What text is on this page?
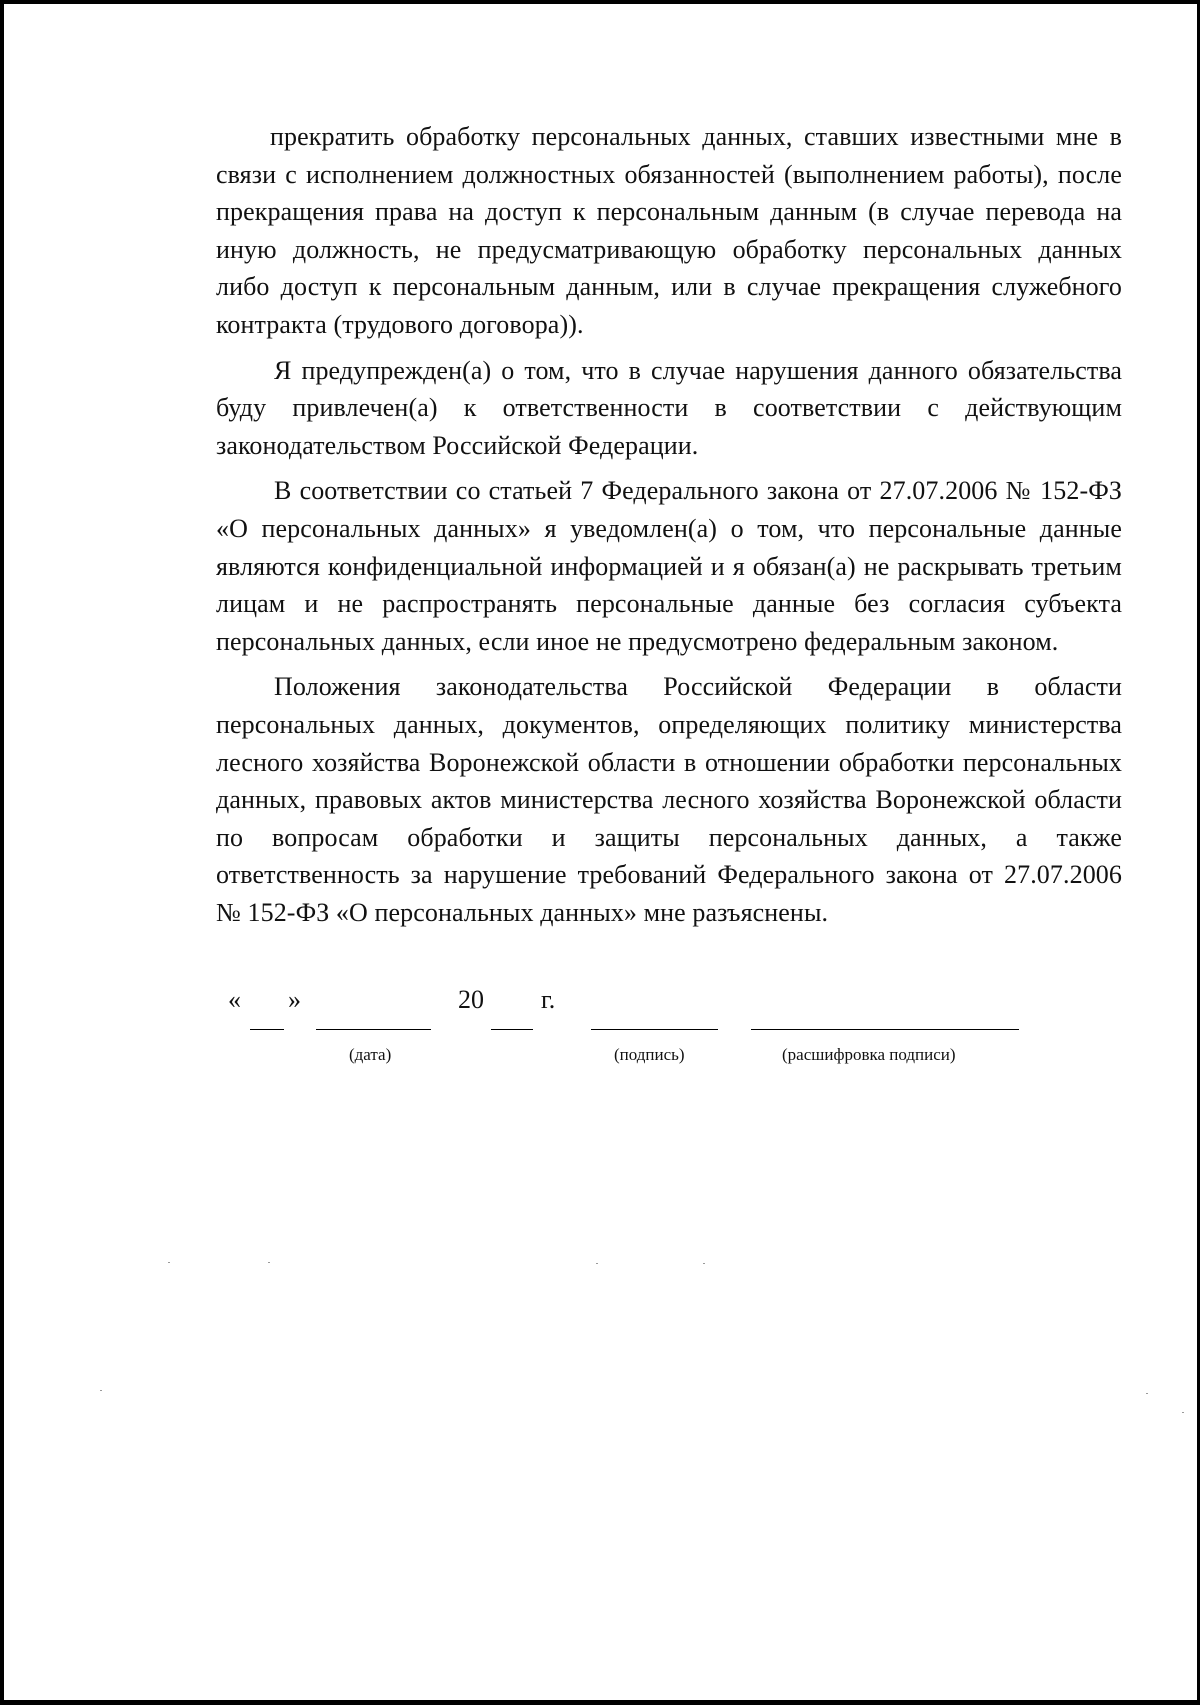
прекратить обработку персональных данных, ставших известными мне в связи с исполнением должностных обязанностей (выполнением работы), после прекращения права на доступ к персональным данным (в случае перевода на иную должность, не предусматривающую обработку персональных данных либо доступ к персональным данным, или в случае прекращения служебного контракта (трудового договора)).

Я предупрежден(а) о том, что в случае нарушения данного обязательства буду привлечен(а) к ответственности в соответствии с действующим законодательством Российской Федерации.

В соответствии со статьей 7 Федерального закона от 27.07.2006 № 152-ФЗ «О персональных данных» я уведомлен(а) о том, что персональные данные являются конфиденциальной информацией и я обязан(а) не раскрывать третьим лицам и не распространять персональные данные без согласия субъекта персональных данных, если иное не предусмотрено федеральным законом.

Положения законодательства Российской Федерации в области персональных данных, документов, определяющих политику министерства лесного хозяйства Воронежской области в отношении обработки персональных данных, правовых актов министерства лесного хозяйства Воронежской области по вопросам обработки и защиты персональных данных, а также ответственность за нарушение требований Федерального закона от 27.07.2006 № 152-ФЗ «О персональных данных» мне разъяснены.

« »	20 г.
(дата)	(подпись)	(расшифровка подписи)
